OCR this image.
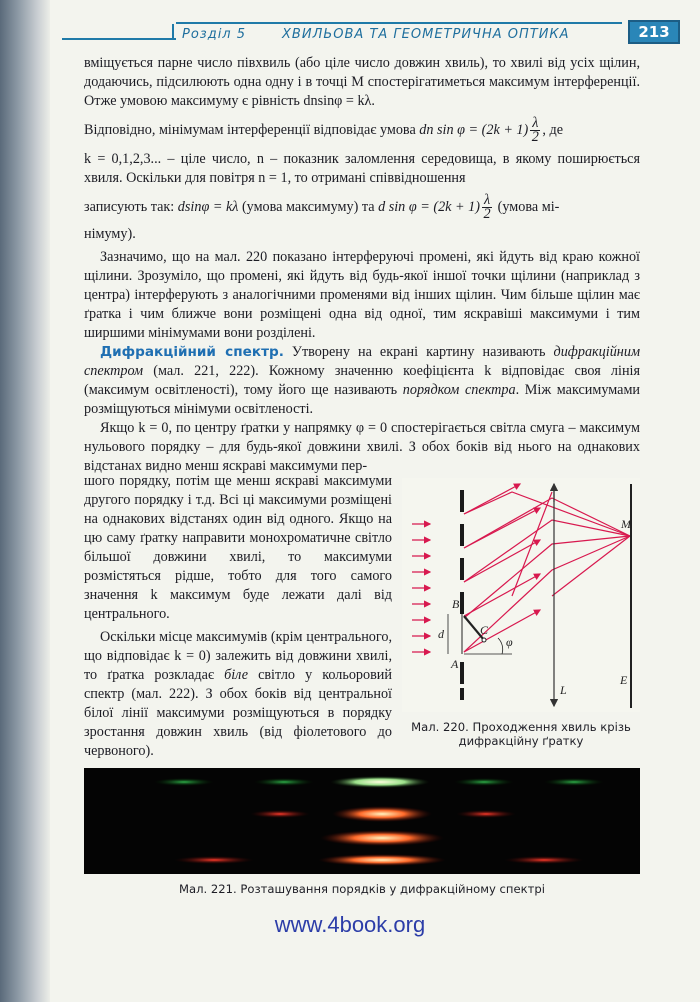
Розділ 5	ХВИЛЬОВА ТА ГЕОМЕТРИЧНА ОПТИКА	213

вміщується парне число півхвиль (або ціле число довжин хвиль), то хвилі від усіх щілин, додаючись, підсилюють одна одну і в точці M спостерігатиметься максимум інтерференції. Отже умовою максимуму є рівність dnsinφ = kλ.

Відповідно, мінімумам інтерференції відповідає умова dn $\sin \varphi = (2k + 1) \frac{\lambda}{2}$ , де

k = 0,1,2,3... – ціле число, n – показник заломлення середовища, в якому поширюється хвиля. Оскільки для повітря n = 1, то отримані співвідношення

записують так: dsinφ = kλ (умова максимуму) та d $\sin \varphi = (2k + 1) \frac{\lambda}{2}$ (умова мі-

німуму).

Зазначимо, що на мал. 220 показано інтерферуючі промені, які йдуть від краю кожної щілини. Зрозуміло, що промені, які йдуть від будь-якої іншої точки щілини (наприклад з центра) інтерферують з аналогічними променями від інших щілин. Чим більше щілин має ґратка і чим ближче вони розміщені одна від одної, тим яскравіші максимуми і тим ширшими мінімумами вони розділені.

Дифракційний спектр. Утворену на екрані картину називають дифракційним спектром (мал. 221, 222). Кожному значенню коефіцієнта k відповідає своя лінія (максимум освітленості), тому його ще називають порядком спектра. Між максимумами розміщуються мінімуми освітленості.

Якщо k = 0, по центру ґратки у напрямку φ = 0 спостерігається світла смуга – максимум нульового порядку – для будь-якої довжини хвилі. З обох боків від нього на однакових відстанах видно менш яскраві максимуми пер-

шого порядку, потім ще менш яскраві максимуми другого порядку і т.д. Всі ці максимуми розміщені на однакових відстанях один від одного. Якщо на цю саму ґратку направити монохроматичне світло більшої довжини хвилі, то максимуми розмістяться рідше, тобто для того самого значення k максимум буде лежати далі від центрального.

Оскільки місце максимумів (крім центрального, що відповідає k = 0) залежить від довжини хвилі, то ґратка розкладає біле світло у кольоровий спектр (мал. 222). З обох боків від центральної білої лінії максимуми розміщуються в порядку зростання довжин хвиль (від фіолетового до червоного).

M
B
A
C
d
φ
L
E
Мал. 220. Проходження хвиль крізь
дифракційну ґратку
Мал. 221. Розташування порядків у дифракційному спектрі
www.4book.org
